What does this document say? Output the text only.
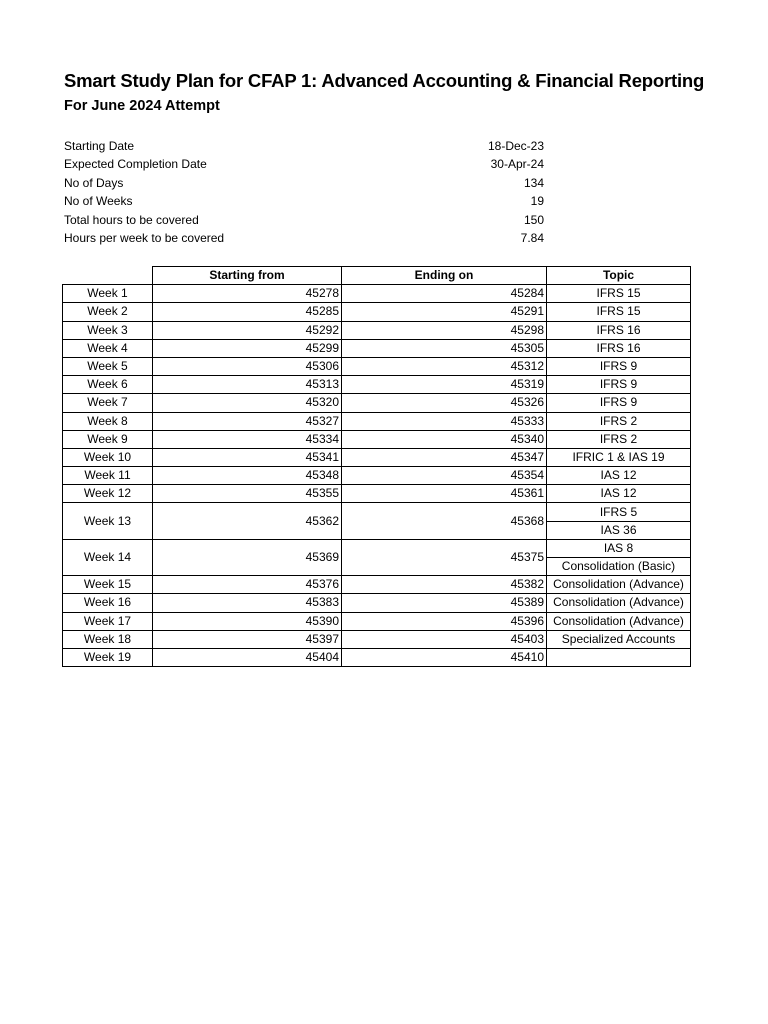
Smart Study Plan for CFAP 1: Advanced Accounting & Financial Reporting
For June 2024 Attempt
Starting Date	18-Dec-23
Expected Completion Date	30-Apr-24
No of Days	134
No of Weeks	19
Total hours to be covered	150
Hours per week to be covered	7.84
	Starting from	Ending on	Topic
Week 1	45278	45284	IFRS 15
Week 2	45285	45291	IFRS 15
Week 3	45292	45298	IFRS 16
Week 4	45299	45305	IFRS 16
Week 5	45306	45312	IFRS 9
Week 6	45313	45319	IFRS 9
Week 7	45320	45326	IFRS 9
Week 8	45327	45333	IFRS 2
Week 9	45334	45340	IFRS 2
Week 10	45341	45347	IFRIC 1 & IAS 19
Week 11	45348	45354	IAS 12
Week 12	45355	45361	IAS 12
Week 13	45362	45368	IFRS 5
			IAS 36
Week 14	45369	45375	IAS 8
			Consolidation (Basic)
Week 15	45376	45382	Consolidation (Advance)
Week 16	45383	45389	Consolidation (Advance)
Week 17	45390	45396	Consolidation (Advance)
Week 18	45397	45403	Specialized Accounts
Week 19	45404	45410	
